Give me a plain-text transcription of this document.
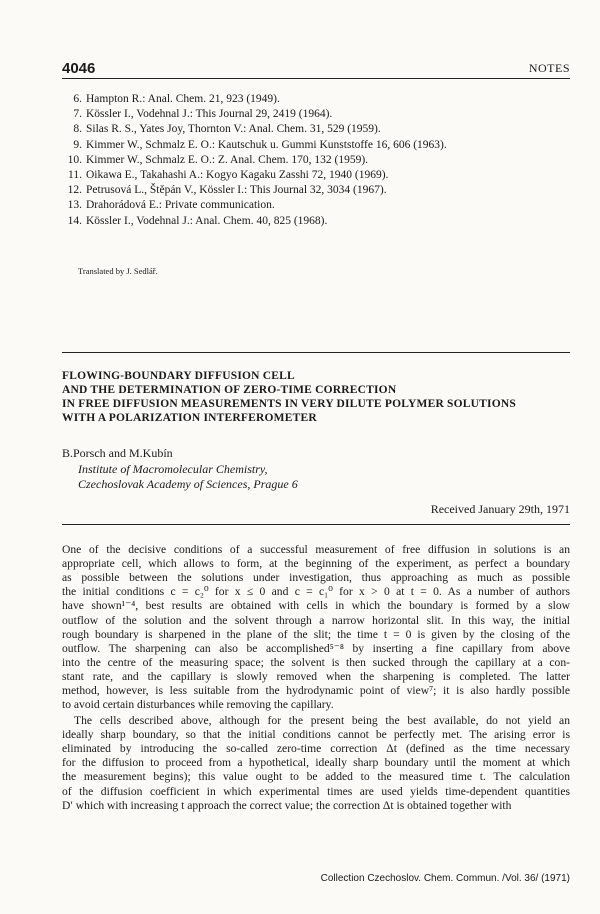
4046	NOTES
6. Hampton R.: Anal. Chem. 21, 923 (1949).
7. Kössler I., Vodehnal J.: This Journal 29, 2419 (1964).
8. Silas R. S., Yates Joy, Thornton V.: Anal. Chem. 31, 529 (1959).
9. Kimmer W., Schmalz E. O.: Kautschuk u. Gummi Kunststoffe 16, 606 (1963).
10. Kimmer W., Schmalz E. O.: Z. Anal. Chem. 170, 132 (1959).
11. Oikawa E., Takahashi A.: Kogyo Kagaku Zasshi 72, 1940 (1969).
12. Petrusová L., Štěpán V., Kössler I.: This Journal 32, 3034 (1967).
13. Drahorádová E.: Private communication.
14. Kössler I., Vodehnal J.: Anal. Chem. 40, 825 (1968).
Translated by J. Sedlář.
FLOWING-BOUNDARY DIFFUSION CELL
AND THE DETERMINATION OF ZERO-TIME CORRECTION
IN FREE DIFFUSION MEASUREMENTS IN VERY DILUTE POLYMER SOLUTIONS
WITH A POLARIZATION INTERFEROMETER
B.Porsch and M.Kubín
Institute of Macromolecular Chemistry,
Czechoslovak Academy of Sciences, Prague 6
Received January 29th, 1971
One of the decisive conditions of a successful measurement of free diffusion in solutions is an
appropriate cell, which allows to form, at the beginning of the experiment, as perfect a boundary
as possible between the solutions under investigation, thus approaching as much as possible
the initial conditions c = c₂⁰ for x ≤ 0 and c = c₁⁰ for x > 0 at t = 0. As a number of authors
have shown¹⁻⁴, best results are obtained with cells in which the boundary is formed by a slow
outflow of the solution and the solvent through a narrow horizontal slit. In this way, the initial
rough boundary is sharpened in the plane of the slit; the time t = 0 is given by the closing of the
outflow. The sharpening can also be accomplished⁵⁻⁸ by inserting a fine capillary from above
into the centre of the measuring space; the solvent is then sucked through the capillary at a con-
stant rate, and the capillary is slowly removed when the sharpening is completed. The latter
method, however, is less suitable from the hydrodynamic point of view⁷; it is also hardly possible
to avoid certain disturbances while removing the capillary.
The cells described above, although for the present being the best available, do not yield an
ideally sharp boundary, so that the initial conditions cannot be perfectly met. The arising error is
eliminated by introducing the so-called zero-time correction Δt (defined as the time necessary
for the diffusion to proceed from a hypothetical, ideally sharp boundary until the moment at which
the measurement begins); this value ought to be added to the measured time t. The calculation
of the diffusion coefficient in which experimental times are used yields time-dependent quantities
D′ which with increasing t approach the correct value; the correction Δt is obtained together with
Collection Czechoslov. Chem. Commun. /Vol. 36/ (1971)
